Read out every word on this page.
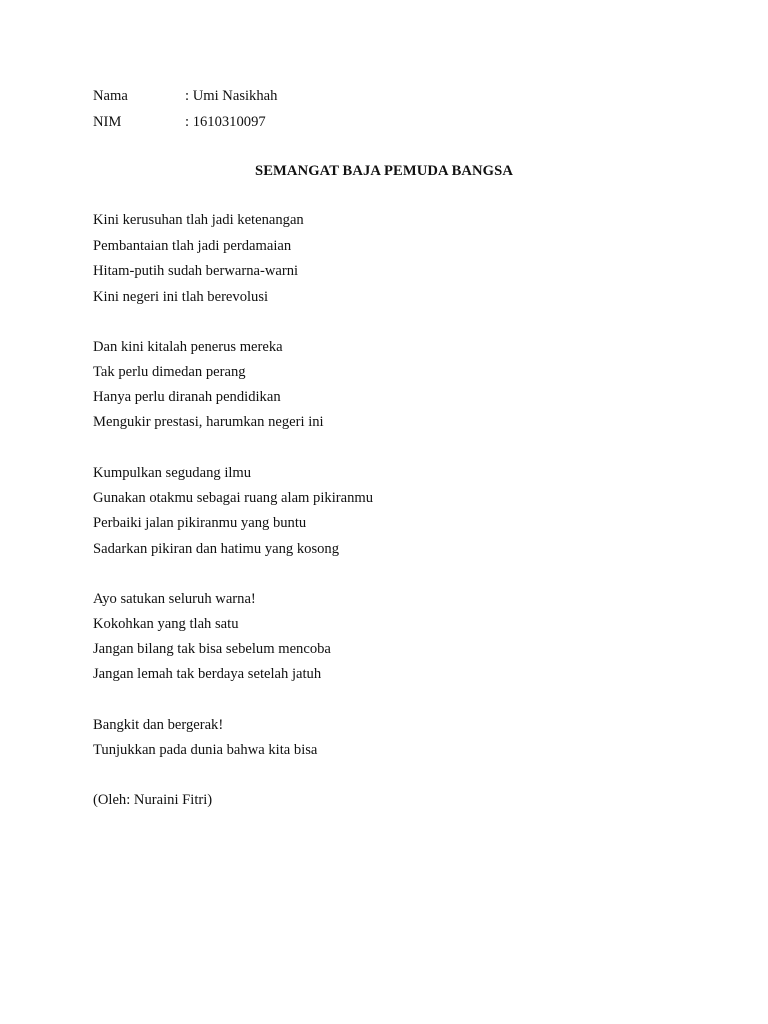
Nama	: Umi Nasikhah
NIM	: 1610310097
SEMANGAT BAJA PEMUDA BANGSA
Kini kerusuhan tlah jadi ketenangan
Pembantaian tlah jadi perdamaian
Hitam-putih sudah berwarna-warni
Kini negeri ini tlah berevolusi
Dan kini kitalah penerus mereka
Tak perlu dimedan perang
Hanya perlu diranah pendidikan
Mengukir prestasi, harumkan negeri ini
Kumpulkan segudang ilmu
Gunakan otakmu sebagai ruang alam pikiranmu
Perbaiki jalan pikiranmu yang buntu
Sadarkan pikiran dan hatimu yang kosong
Ayo satukan seluruh warna!
Kokohkan yang tlah satu
Jangan bilang tak bisa sebelum mencoba
Jangan lemah tak berdaya setelah jatuh
Bangkit dan bergerak!
Tunjukkan pada dunia bahwa kita bisa
(Oleh: Nuraini Fitri)
